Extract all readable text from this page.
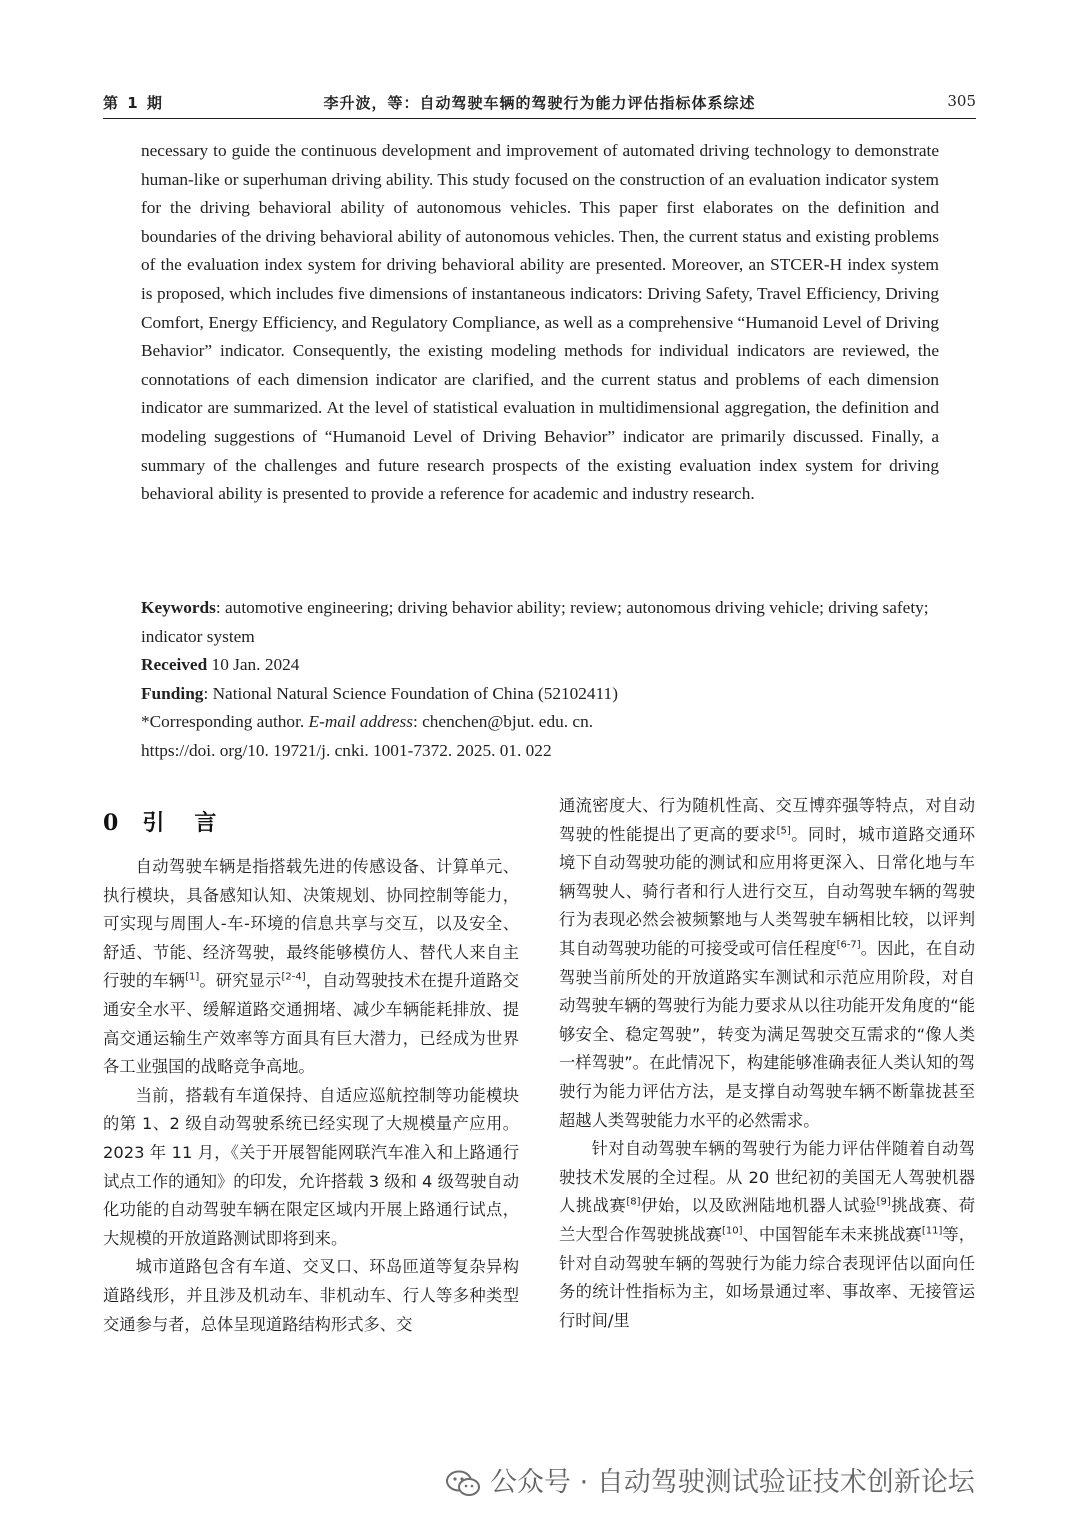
第 1 期	李升波，等：自动驾驶车辆的驾驶行为能力评估指标体系综述	305

necessary to guide the continuous development and improvement of automated driving technology to demonstrate human-like or superhuman driving ability. This study focused on the construction of an evaluation indicator system for the driving behavioral ability of autonomous vehicles. This paper first elaborates on the definition and boundaries of the driving behavioral ability of autonomous vehicles. Then, the current status and existing problems of the evaluation index system for driving behavioral ability are presented. Moreover, an STCER-H index system is proposed, which includes five dimensions of instantaneous indicators: Driving Safety, Travel Efficiency, Driving Comfort, Energy Efficiency, and Regulatory Compliance, as well as a comprehensive “Humanoid Level of Driving Behavior” indicator. Consequently, the existing modeling methods for individual indicators are reviewed, the connotations of each dimension indicator are clarified, and the current status and problems of each dimension indicator are summarized. At the level of statistical evaluation in multidimensional aggregation, the definition and modeling suggestions of “Humanoid Level of Driving Behavior” indicator are primarily discussed. Finally, a summary of the challenges and future research prospects of the existing evaluation index system for driving behavioral ability is presented to provide a reference for academic and industry research.

Keywords: automotive engineering; driving behavior ability; review; autonomous driving vehicle; driving safety; indicator system
Received 10 Jan. 2024
Funding: National Natural Science Foundation of China (52102411)
*Corresponding author. E-mail address: chenchen@bjut. edu. cn.
https://doi. org/10. 19721/j. cnki. 1001-7372. 2025. 01. 022
0 引 言

自动驾驶车辆是指搭载先进的传感设备、计算单元、执行模块，具备感知认知、决策规划、协同控制等能力，可实现与周围人-车-环境的信息共享与交互，以及安全、舒适、节能、经济驾驶，最终能够模仿人、替代人来自主行驶的车辆[1]。研究显示[2-4]，自动驾驶技术在提升道路交通安全水平、缓解道路交通拥堵、减少车辆能耗排放、提高交通运输生产效率等方面具有巨大潜力，已经成为世界各工业强国的战略竞争高地。

当前，搭载有车道保持、自适应巡航控制等功能模块的第 1、2 级自动驾驶系统已经实现了大规模量产应用。2023 年 11 月，《关于开展智能网联汽车准入和上路通行试点工作的通知》的印发，允许搭载 3 级和 4 级驾驶自动化功能的自动驾驶车辆在限定区域内开展上路通行试点，大规模的开放道路测试即将到来。

城市道路包含有车道、交叉口、环岛匝道等复杂异构道路线形，并且涉及机动车、非机动车、行人等多种类型交通参与者，总体呈现道路结构形式多、交

通流密度大、行为随机性高、交互博弈强等特点，对自动驾驶的性能提出了更高的要求[5]。同时，城市道路交通环境下自动驾驶功能的测试和应用将更深入、日常化地与车辆驾驶人、骑行者和行人进行交互，自动驾驶车辆的驾驶行为表现必然会被频繁地与人类驾驶车辆相比较，以评判其自动驾驶功能的可接受或可信任程度[6-7]。因此，在自动驾驶当前所处的开放道路实车测试和示范应用阶段，对自动驾驶车辆的驾驶行为能力要求从以往功能开发角度的“能够安全、稳定驾驶”，转变为满足驾驶交互需求的“像人类一样驾驶”。在此情况下，构建能够准确表征人类认知的驾驶行为能力评估方法，是支撑自动驾驶车辆不断靠拢甚至超越人类驾驶能力水平的必然需求。

针对自动驾驶车辆的驾驶行为能力评估伴随着自动驾驶技术发展的全过程。从 20 世纪初的美国无人驾驶机器人挑战赛[8]伊始，以及欧洲陆地机器人试验[9]挑战赛、荷兰大型合作驾驶挑战赛[10]、中国智能车未来挑战赛[11]等，针对自动驾驶车辆的驾驶行为能力综合表现评估以面向任务的统计性指标为主，如场景通过率、事故率、无接管运行时间/里

公众号 · 自动驾驶测试验证技术创新论坛
